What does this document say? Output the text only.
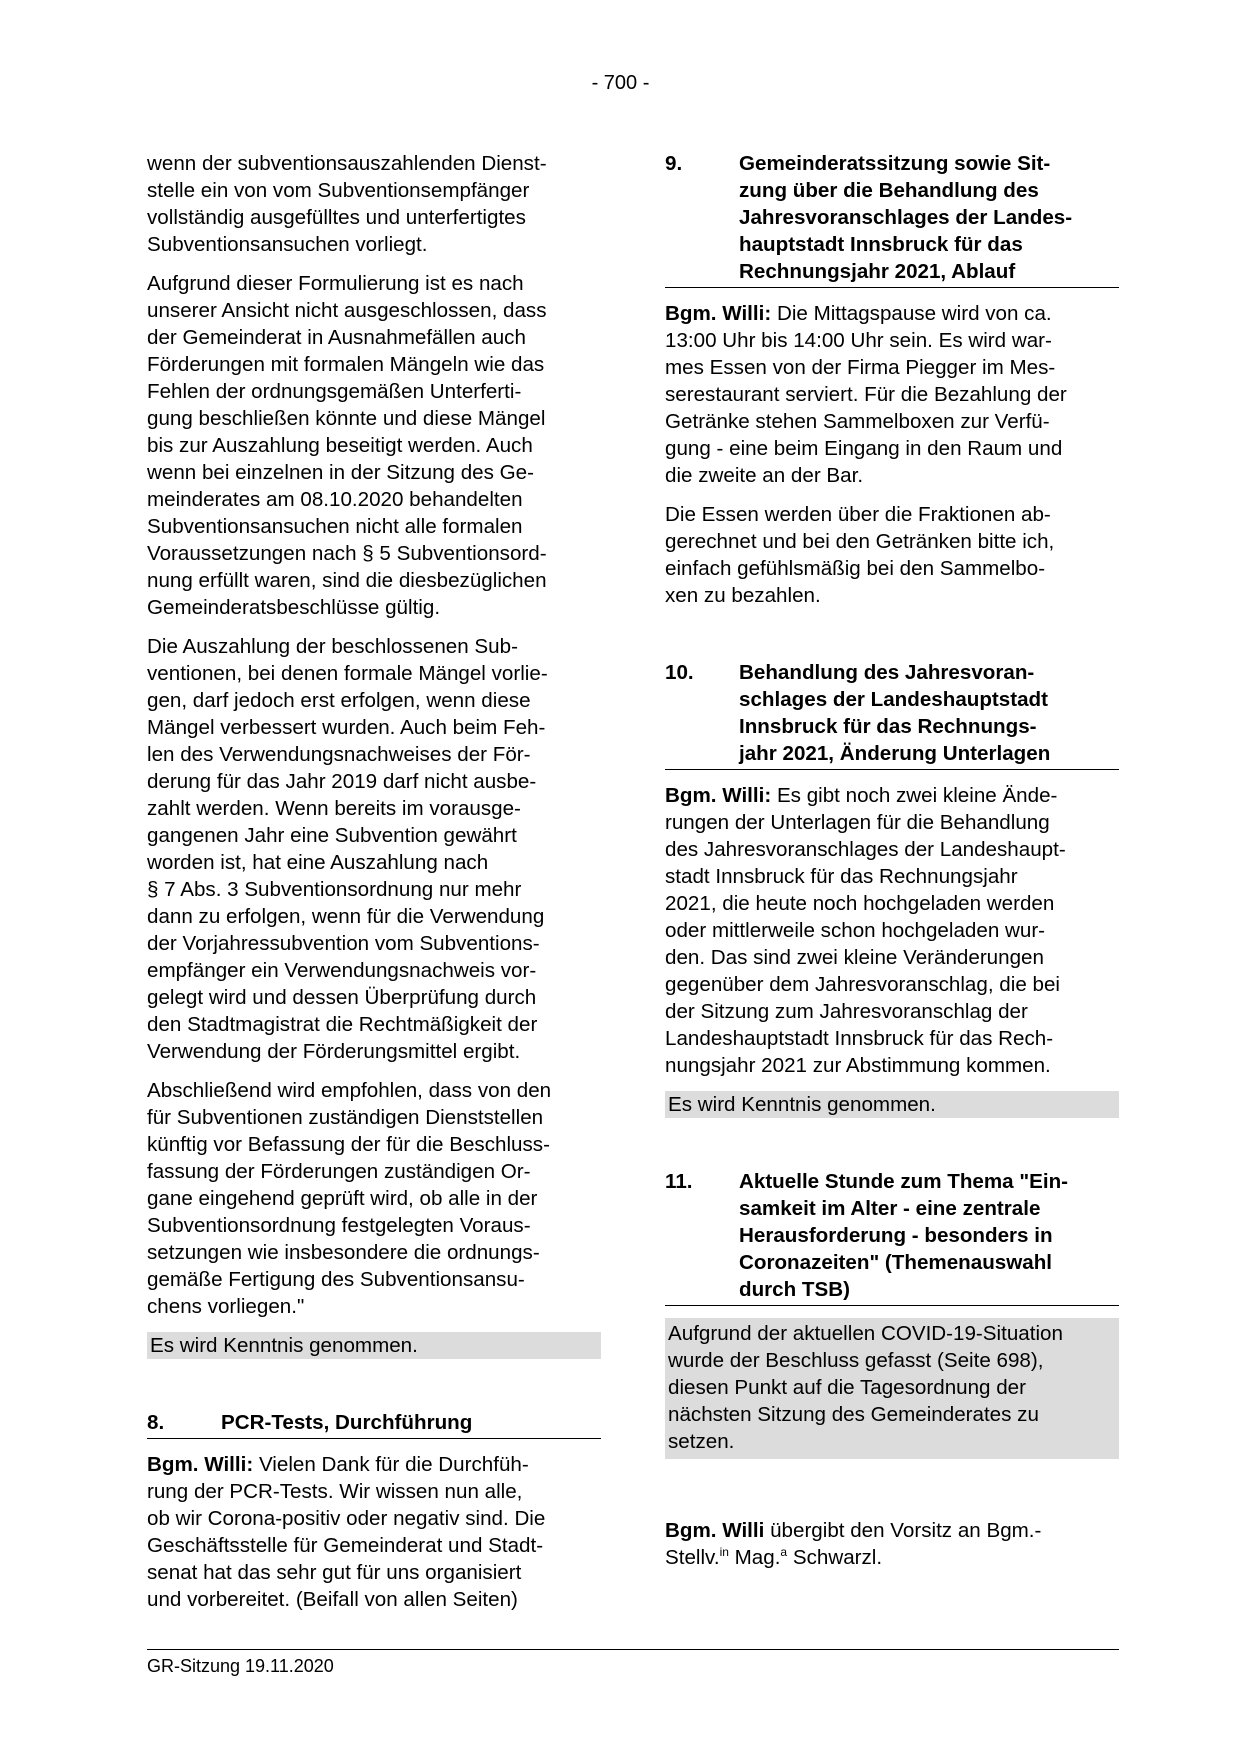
- 700 -

wenn der subventionsauszahlenden Dienst-
stelle ein von vom Subventionsempfänger
vollständig ausgefülltes und unterfertigtes
Subventionsansuchen vorliegt.

Aufgrund dieser Formulierung ist es nach
unserer Ansicht nicht ausgeschlossen, dass
der Gemeinderat in Ausnahmefällen auch
Förderungen mit formalen Mängeln wie das
Fehlen der ordnungsgemäßen Unterferti-
gung beschließen könnte und diese Mängel
bis zur Auszahlung beseitigt werden. Auch
wenn bei einzelnen in der Sitzung des Ge-
meinderates am 08.10.2020 behandelten
Subventionsansuchen nicht alle formalen
Voraussetzungen nach § 5 Subventionsord-
nung erfüllt waren, sind die diesbezüglichen
Gemeinderatsbeschlüsse gültig.

Die Auszahlung der beschlossenen Sub-
ventionen, bei denen formale Mängel vorlie-
gen, darf jedoch erst erfolgen, wenn diese
Mängel verbessert wurden. Auch beim Feh-
len des Verwendungsnachweises der För-
derung für das Jahr 2019 darf nicht ausbe-
zahlt werden. Wenn bereits im vorausge-
gangenen Jahr eine Subvention gewährt
worden ist, hat eine Auszahlung nach
§ 7 Abs. 3 Subventionsordnung nur mehr
dann zu erfolgen, wenn für die Verwendung
der Vorjahressubvention vom Subventions-
empfänger ein Verwendungsnachweis vor-
gelegt wird und dessen Überprüfung durch
den Stadtmagistrat die Rechtmäßigkeit der
Verwendung der Förderungsmittel ergibt.

Abschließend wird empfohlen, dass von den
für Subventionen zuständigen Dienststellen
künftig vor Befassung der für die Beschluss-
fassung der Förderungen zuständigen Or-
gane eingehend geprüft wird, ob alle in der
Subventionsordnung festgelegten Voraus-
setzungen wie insbesondere die ordnungs-
gemäße Fertigung des Subventionsansu-
chens vorliegen."

Es wird Kenntnis genommen.
8.	PCR-Tests, Durchführung

Bgm. Willi: Vielen Dank für die Durchfüh-
rung der PCR-Tests. Wir wissen nun alle,
ob wir Corona-positiv oder negativ sind. Die
Geschäftsstelle für Gemeinderat und Stadt-
senat hat das sehr gut für uns organisiert
und vorbereitet. (Beifall von allen Seiten)

9.	Gemeinderatssitzung sowie Sit-
zung über die Behandlung des
Jahresvoranschlages der Landes-
hauptstadt Innsbruck für das
Rechnungsjahr 2021, Ablauf

Bgm. Willi: Die Mittagspause wird von ca.
13:00 Uhr bis 14:00 Uhr sein. Es wird war-
mes Essen von der Firma Piegger im Mes-
serestaurant serviert. Für die Bezahlung der
Getränke stehen Sammelboxen zur Verfü-
gung - eine beim Eingang in den Raum und
die zweite an der Bar.

Die Essen werden über die Fraktionen ab-
gerechnet und bei den Getränken bitte ich,
einfach gefühlsmäßig bei den Sammelbo-
xen zu bezahlen.

10.	Behandlung des Jahresvoran-
schlages der Landeshauptstadt
Innsbruck für das Rechnungs-
jahr 2021, Änderung Unterlagen

Bgm. Willi: Es gibt noch zwei kleine Ände-
rungen der Unterlagen für die Behandlung
des Jahresvoranschlages der Landeshaupt-
stadt Innsbruck für das Rechnungsjahr
2021, die heute noch hochgeladen werden
oder mittlerweile schon hochgeladen wur-
den. Das sind zwei kleine Veränderungen
gegenüber dem Jahresvoranschlag, die bei
der Sitzung zum Jahresvoranschlag der
Landeshauptstadt Innsbruck für das Rech-
nungsjahr 2021 zur Abstimmung kommen.

Es wird Kenntnis genommen.
11.	Aktuelle Stunde zum Thema "Ein-
samkeit im Alter - eine zentrale
Herausforderung - besonders in
Coronazeiten" (Themenauswahl
durch TSB)
Aufgrund der aktuellen COVID-19-Situation
wurde der Beschluss gefasst (Seite 698),
diesen Punkt auf die Tagesordnung der
nächsten Sitzung des Gemeinderates zu
setzen.

Bgm. Willi übergibt den Vorsitz an Bgm.-
Stellv.$^{in}$ Mag.$^a$ Schwarzl.

GR-Sitzung 19.11.2020
